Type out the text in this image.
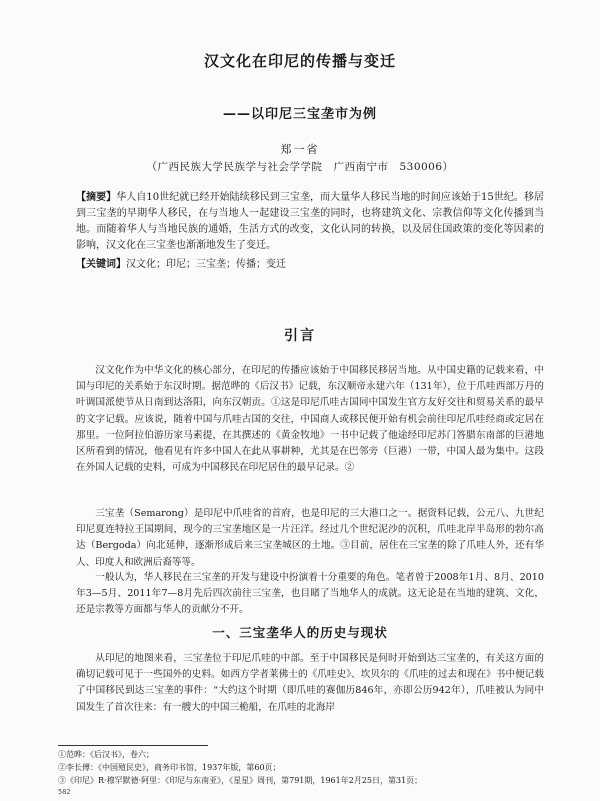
汉文化在印尼的传播与变迁
——以印尼三宝垄市为例
郑一省
（广西民族大学民族学与社会学学院　广西南宁市　530006）

【摘要】华人自10世纪就已经开始陆续移民到三宝垄，而大量华人移民当地的时间应该始于15世纪。移居到三宝垄的早期华人移民，在与当地人一起建设三宝垄的同时，也将建筑文化、宗教信仰等文化传播到当地。而随着华人与当地民族的通婚，生活方式的改变，文化认同的转换，以及居住国政策的变化等因素的影响，汉文化在三宝垄也渐渐地发生了变迁。

【关键词】汉文化；印尼；三宝垄；传播；变迁

引言

汉文化作为中华文化的核心部分，在印尼的传播应该始于中国移民移居当地。从中国史籍的记载来看，中国与印尼的关系始于东汉时期。据范晔的《后汉书》记载，东汉顺帝永建六年（131年），位于爪哇西部万丹的叶调国派使节从日南到达洛阳，向东汉朝贡。①这是印尼爪哇古国同中国发生官方友好交往和贸易关系的最早的文字记载。应该说，随着中国与爪哇古国的交往，中国商人或移民便开始有机会前往印尼爪哇经商或定居在那里。一位阿拉伯游历家马素提，在其撰述的《黄金牧地》一书中记载了他途经印尼苏门答腊东南部的巨港地区所看到的情况，他看见有许多中国人在此从事耕种，尤其是在巴邻旁（巨港）一带，中国人最为集中。这段在外国人记载的史料，可成为中国移民在印尼居住的最早记录。②

三宝垄（Semarong）是印尼中爪哇省的首府，也是印尼的三大港口之一。据资料记载，公元八、九世纪印尼夏连特拉王国期间，现今的三宝垄地区是一片汪洋。经过几个世纪泥沙的沉积，爪哇北岸半岛形的勃尔高达（Bergoda）向北延伸，逐渐形成后来三宝垄城区的土地。③目前，居住在三宝垄的除了爪哇人外，还有华人、印度人和欧洲后裔等等。

一般认为，华人移民在三宝垄的开发与建设中扮演着十分重要的角色。笔者曾于2008年1月、8月、2010年3—5月、2011年7—8月先后四次前往三宝垄，也目睹了当地华人的成就。这无论是在当地的建筑、文化，还是宗教等方面都与华人的贡献分不开。

一、三宝垄华人的历史与现状

从印尼的地图来看，三宝垄位于印尼爪哇的中部。至于中国移民是何时开始到达三宝垄的，有关这方面的确切记载可见于一些国外的史料。如西方学者莱佛士的《爪哇史》、坎贝尔的《爪哇的过去和现在》书中便记载了中国移民到达三宝垄的事件：“大约这个时期（即爪哇的赛伽历846年，亦即公历942年），爪哇被认为同中国发生了首次往来：有一艘大的中国三桅船，在爪哇的北海岸

①范晔：《后汉书》，卷六；
②李长傅：《中国殖民史》，商务印书馆，1937年版，第60页；
③《印尼》R·穆罕默德·阿里：《印尼与东南亚》，《星星》周刊，第791期，1961年2月25日，第31页；
582
